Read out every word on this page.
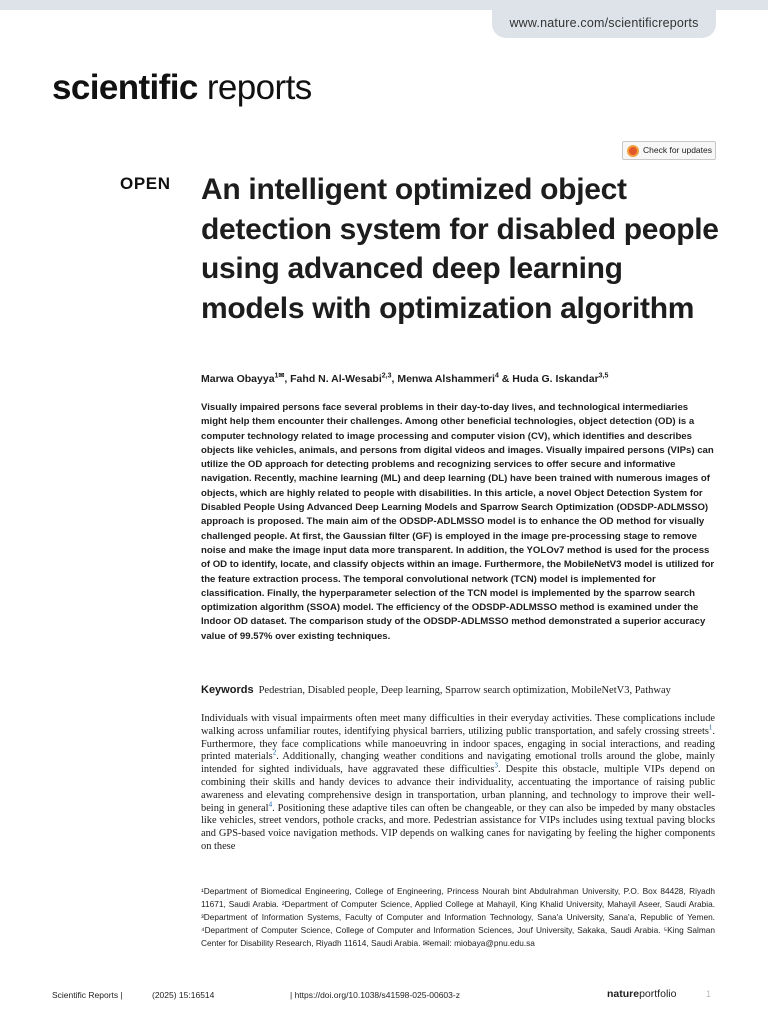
www.nature.com/scientificreports
scientific reports
Check for updates
OPEN An intelligent optimized object detection system for disabled people using advanced deep learning models with optimization algorithm
Marwa Obayya$^{1✉}$, Fahd N. Al-Wesabi$^{2,3}$, Menwa Alshammeri$^4$ & Huda G. Iskandar$^{3,5}$

Visually impaired persons face several problems in their day-to-day lives, and technological intermediaries might help them encounter their challenges. Among other beneficial technologies, object detection (OD) is a computer technology related to image processing and computer vision (CV), which identifies and describes objects like vehicles, animals, and persons from digital videos and images. Visually impaired persons (VIPs) can utilize the OD approach for detecting problems and recognizing services to offer secure and informative navigation. Recently, machine learning (ML) and deep learning (DL) have been trained with numerous images of objects, which are highly related to people with disabilities. In this article, a novel Object Detection System for Disabled People Using Advanced Deep Learning Models and Sparrow Search Optimization (ODSDP-ADLMSSO) approach is proposed. The main aim of the ODSDP-ADLMSSO model is to enhance the OD method for visually challenged people. At first, the Gaussian filter (GF) is employed in the image pre-processing stage to remove noise and make the image input data more transparent. In addition, the YOLOv7 method is used for the process of OD to identify, locate, and classify objects within an image. Furthermore, the MobileNetV3 model is utilized for the feature extraction process. The temporal convolutional network (TCN) model is implemented for classification. Finally, the hyperparameter selection of the TCN model is implemented by the sparrow search optimization algorithm (SSOA) model. The efficiency of the ODSDP-ADLMSSO method is examined under the Indoor OD dataset. The comparison study of the ODSDP-ADLMSSO method demonstrated a superior accuracy value of 99.57% over existing techniques.

Keywords Pedestrian, Disabled people, Deep learning, Sparrow search optimization, MobileNetV3, Pathway

Individuals with visual impairments often meet many difficulties in their everyday activities. These complications include walking across unfamiliar routes, identifying physical barriers, utilizing public transportation, and safely crossing streets$^1$. Furthermore, they face complications while manoeuvring in indoor spaces, engaging in social interactions, and reading printed materials$^2$. Additionally, changing weather conditions and navigating emotional trolls around the globe, mainly intended for sighted individuals, have aggravated these difficulties$^3$. Despite this obstacle, multiple VIPs depend on combining their skills and handy devices to advance their individuality, accentuating the importance of raising public awareness and elevating comprehensive design in transportation, urban planning, and technology to improve their well-being in general$^4$. Positioning these adaptive tiles can often be changeable, or they can also be impeded by many obstacles like vehicles, street vendors, pothole cracks, and more. Pedestrian assistance for VIPs includes using textual paving blocks and GPS-based voice navigation methods. VIP depends on walking canes for navigating by feeling the higher components on these

¹Department of Biomedical Engineering, College of Engineering, Princess Nourah bint Abdulrahman University, P.O. Box 84428, Riyadh 11671, Saudi Arabia. ²Department of Computer Science, Applied College at Mahayil, King Khalid University, Mahayil Aseer, Saudi Arabia. ³Department of Information Systems, Faculty of Computer and Information Technology, Sana'a University, Sana'a, Republic of Yemen. ⁴Department of Computer Science, College of Computer and Information Sciences, Jouf University, Sakaka, Saudi Arabia. ⁵King Salman Center for Disability Research, Riyadh 11614, Saudi Arabia. ✉email: miobaya@pnu.edu.sa

Scientific Reports |	(2025) 15:16514	| https://doi.org/10.1038/s41598-025-00603-z	natureportfolio	1
